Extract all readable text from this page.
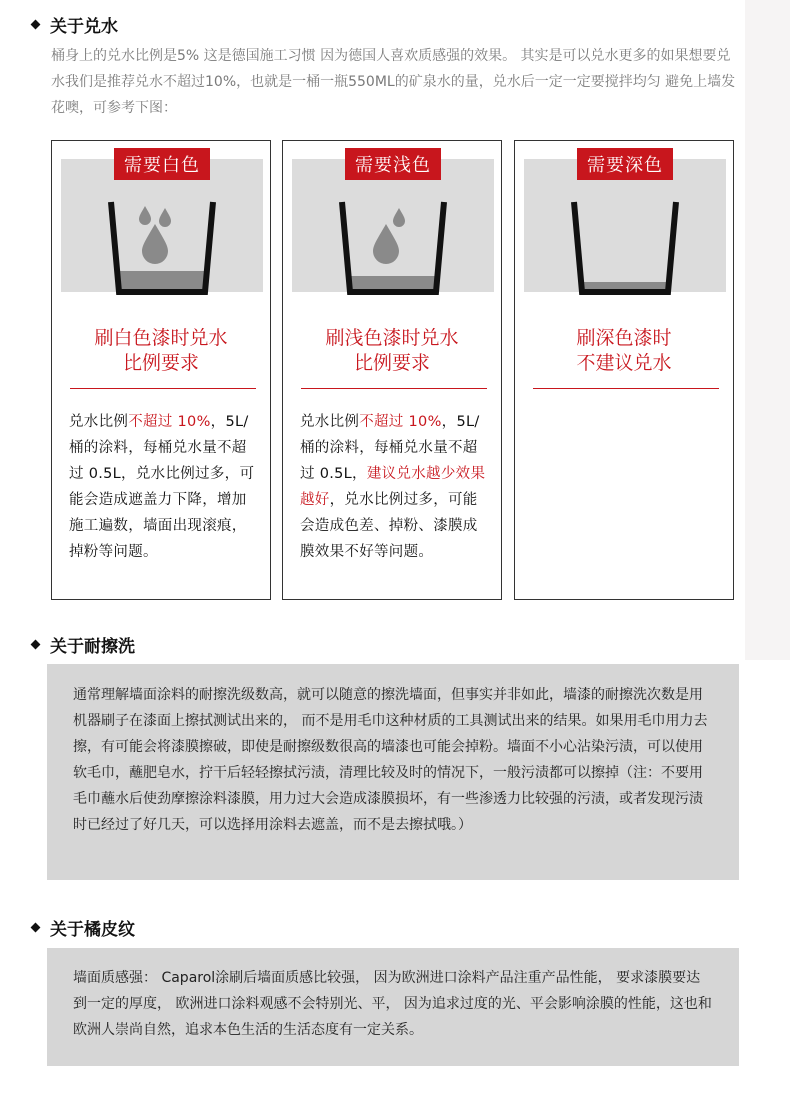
关于兑水
桶身上的兑水比例是5% 这是德国施工习惯 因为德国人喜欢质感强的效果。 其实是可以兑水更多的如果想要兑水我们是推荐兑水不超过10%，也就是一桶一瓶550ML的矿泉水的量，兑水后一定一定要搅拌均匀 避免上墙发花噢，可参考下图：
需要白色
刷白色漆时兑水
比例要求
兑水比例不超过 10%，5L/桶的涂料，每桶兑水量不超过 0.5L，兑水比例过多，可能会造成遮盖力下降，增加施工遍数，墙面出现滚痕，掉粉等问题。
需要浅色
刷浅色漆时兑水
比例要求
兑水比例不超过 10%，5L/桶的涂料，每桶兑水量不超过 0.5L，建议兑水越少效果越好，兑水比例过多，可能会造成色差、掉粉、漆膜成膜效果不好等问题。
需要深色
刷深色漆时
不建议兑水
关于耐擦洗
通常理解墙面涂料的耐擦洗级数高，就可以随意的擦洗墙面，但事实并非如此，墙漆的耐擦洗次数是用机器刷子在漆面上擦拭测试出来的， 而不是用毛巾这种材质的工具测试出来的结果。如果用毛巾用力去擦，有可能会将漆膜擦破，即使是耐擦级数很高的墙漆也可能会掉粉。墙面不小心沾染污渍，可以使用软毛巾，蘸肥皂水，拧干后轻轻擦拭污渍，清理比较及时的情况下，一般污渍都可以擦掉（注：不要用毛巾蘸水后使劲摩擦涂料漆膜，用力过大会造成漆膜损坏，有一些渗透力比较强的污渍，或者发现污渍时已经过了好几天，可以选择用涂料去遮盖，而不是去擦拭哦。）
关于橘皮纹
墙面质感强： Caparol涂刷后墙面质感比较强， 因为欧洲进口涂料产品注重产品性能， 要求漆膜要达到一定的厚度， 欧洲进口涂料观感不会特别光、平， 因为追求过度的光、平会影响涂膜的性能，这也和欧洲人崇尚自然，追求本色生活的生活态度有一定关系。
